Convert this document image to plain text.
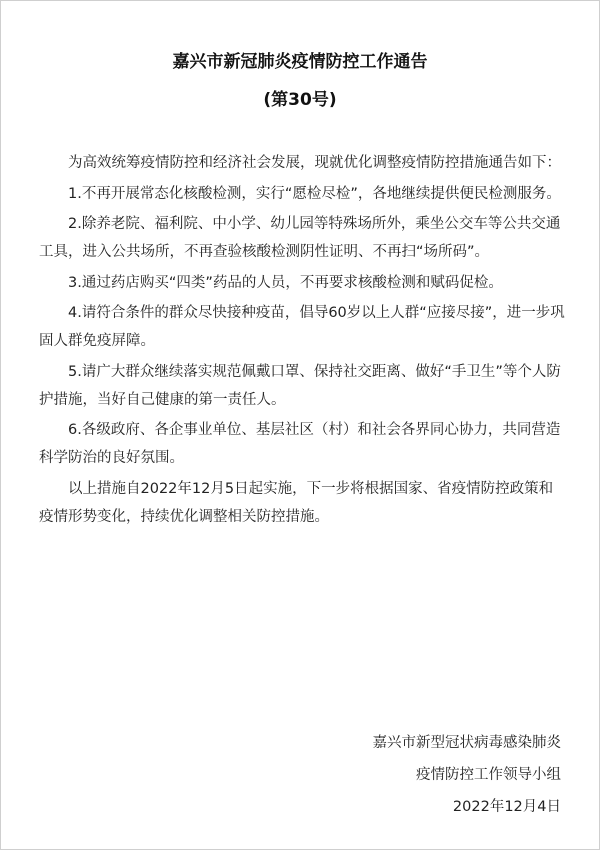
嘉兴市新冠肺炎疫情防控工作通告
(第30号)

为高效统筹疫情防控和经济社会发展，现就优化调整疫情防控措施通告如下：

1.不再开展常态化核酸检测，实行“愿检尽检”，各地继续提供便民检测服务。

2.除养老院、福利院、中小学、幼儿园等特殊场所外，乘坐公交车等公共交通工具，进入公共场所，不再查验核酸检测阴性证明、不再扫“场所码”。

3.通过药店购买“四类”药品的人员，不再要求核酸检测和赋码促检。

4.请符合条件的群众尽快接种疫苗，倡导60岁以上人群“应接尽接”，进一步巩固人群免疫屏障。

5.请广大群众继续落实规范佩戴口罩、保持社交距离、做好“手卫生”等个人防护措施，当好自己健康的第一责任人。

6.各级政府、各企事业单位、基层社区（村）和社会各界同心协力，共同营造科学防治的良好氛围。

以上措施自2022年12月5日起实施，下一步将根据国家、省疫情防控政策和疫情形势变化，持续优化调整相关防控措施。

嘉兴市新型冠状病毒感染肺炎
疫情防控工作领导小组
2022年12月4日
